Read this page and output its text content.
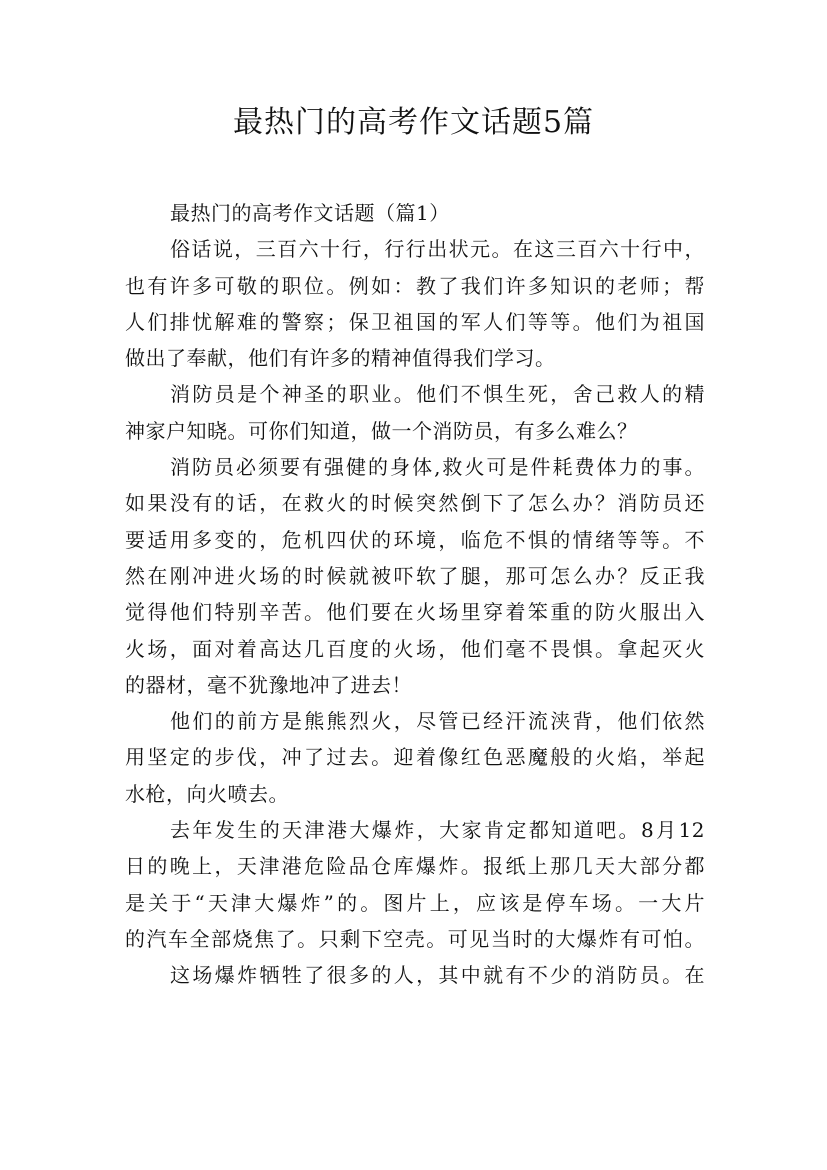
最热门的高考作文话题5篇
最热门的高考作文话题（篇1）
俗话说，三百六十行，行行出状元。在这三百六十行中，
也有许多可敬的职位。例如：教了我们许多知识的老师；帮
人们排忧解难的警察；保卫祖国的军人们等等。他们为祖国
做出了奉献，他们有许多的精神值得我们学习。
消防员是个神圣的职业。他们不惧生死，舍己救人的精
神家户知晓。可你们知道，做一个消防员，有多么难么？
消防员必须要有强健的身体,救火可是件耗费体力的事。
如果没有的话，在救火的时候突然倒下了怎么办？消防员还
要适用多变的，危机四伏的环境，临危不惧的情绪等等。不
然在刚冲进火场的时候就被吓软了腿，那可怎么办？反正我
觉得他们特别辛苦。他们要在火场里穿着笨重的防火服出入
火场，面对着高达几百度的火场，他们毫不畏惧。拿起灭火
的器材，毫不犹豫地冲了进去！
他们的前方是熊熊烈火，尽管已经汗流浃背，他们依然
用坚定的步伐，冲了过去。迎着像红色恶魔般的火焰，举起
水枪，向火喷去。
去年发生的天津港大爆炸，大家肯定都知道吧。8月12
日的晚上，天津港危险品仓库爆炸。报纸上那几天大部分都
是关于“天津大爆炸”的。图片上，应该是停车场。一大片
的汽车全部烧焦了。只剩下空壳。可见当时的大爆炸有可怕。
这场爆炸牺牲了很多的人，其中就有不少的消防员。在
